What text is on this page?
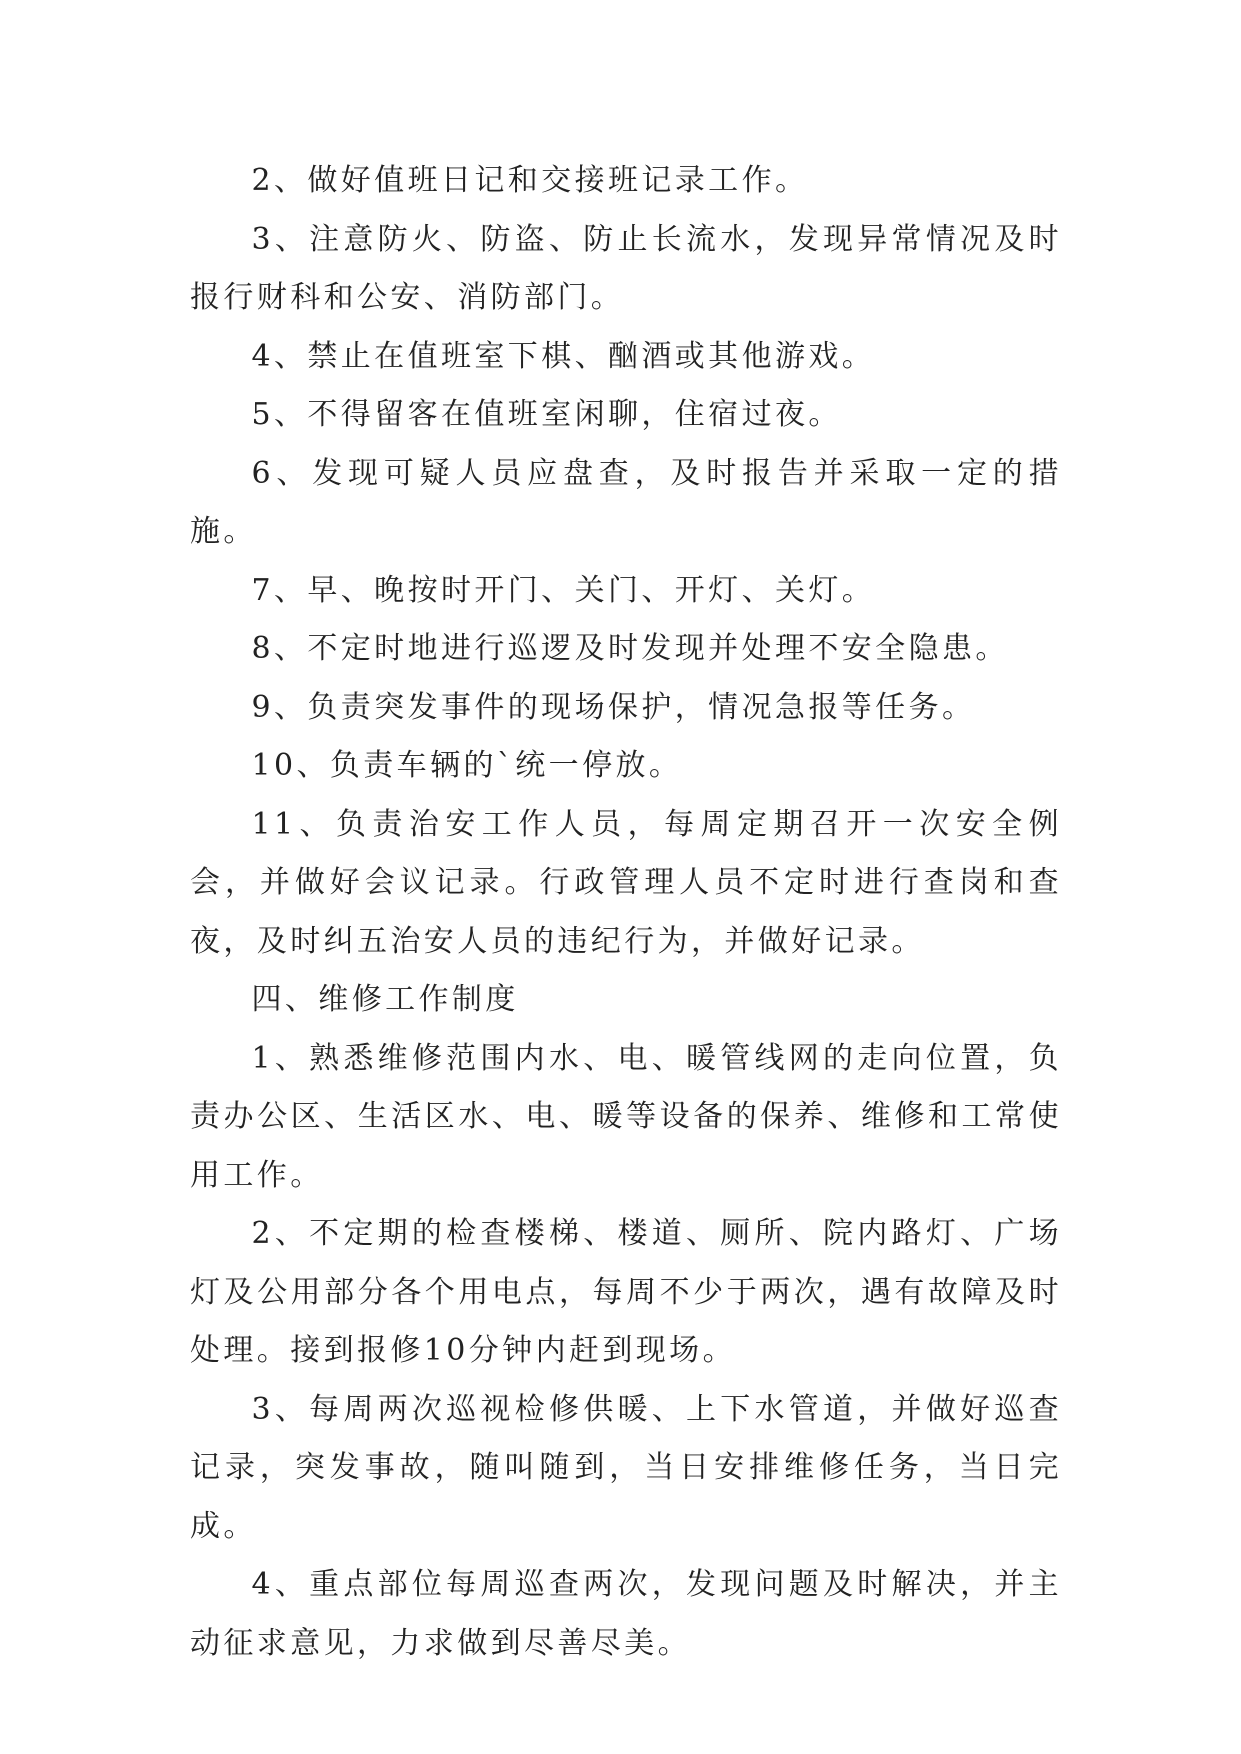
2、做好值班日记和交接班记录工作。

3、注意防火、防盗、防止长流水，发现异常情况及时报行财科和公安、消防部门。

4、禁止在值班室下棋、酗酒或其他游戏。

5、不得留客在值班室闲聊，住宿过夜。

6、发现可疑人员应盘查，及时报告并采取一定的措施。

7、早、晚按时开门、关门、开灯、关灯。

8、不定时地进行巡逻及时发现并处理不安全隐患。

9、负责突发事件的现场保护，情况急报等任务。

10、负责车辆的`统一停放。

11、负责治安工作人员，每周定期召开一次安全例会，并做好会议记录。行政管理人员不定时进行查岗和查夜，及时纠五治安人员的违纪行为，并做好记录。

四、维修工作制度

1、熟悉维修范围内水、电、暖管线网的走向位置，负责办公区、生活区水、电、暖等设备的保养、维修和工常使用工作。

2、不定期的检查楼梯、楼道、厕所、院内路灯、广场灯及公用部分各个用电点，每周不少于两次，遇有故障及时处理。接到报修10分钟内赶到现场。

3、每周两次巡视检修供暖、上下水管道，并做好巡查记录，突发事故，随叫随到，当日安排维修任务，当日完成。

4、重点部位每周巡查两次，发现问题及时解决，并主动征求意见，力求做到尽善尽美。
